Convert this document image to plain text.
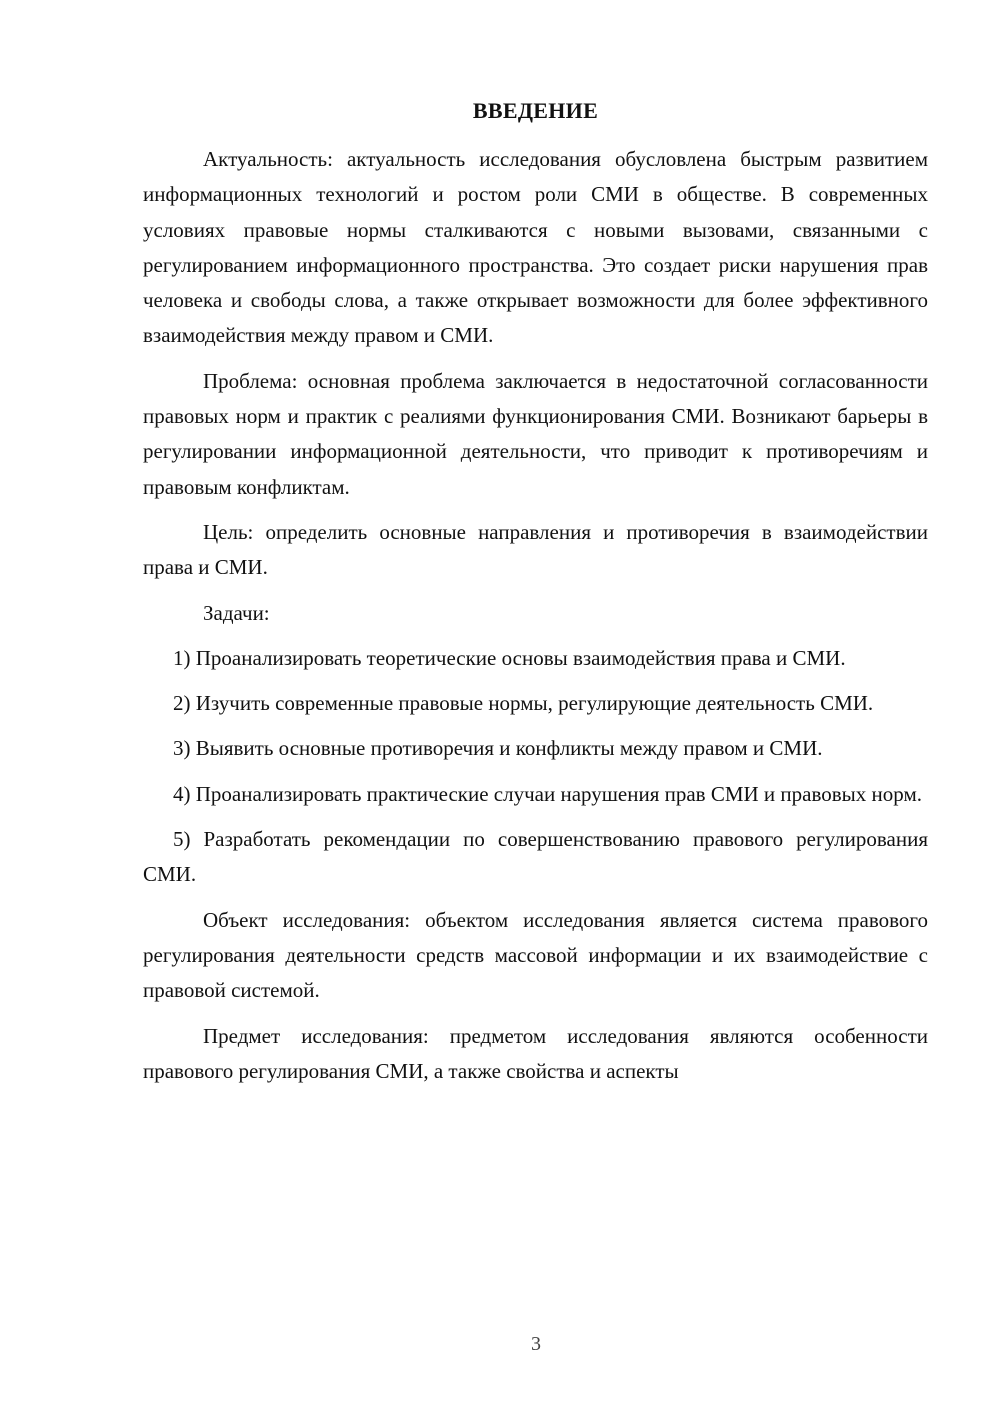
ВВЕДЕНИЕ

Актуальность: актуальность исследования обусловлена быстрым развитием информационных технологий и ростом роли СМИ в обществе. В современных условиях правовые нормы сталкиваются с новыми вызовами, связанными с регулированием информационного пространства. Это создает риски нарушения прав человека и свободы слова, а также открывает возможности для более эффективного взаимодействия между правом и СМИ.

Проблема: основная проблема заключается в недостаточной согласованности правовых норм и практик с реалиями функционирования СМИ. Возникают барьеры в регулировании информационной деятельности, что приводит к противоречиям и правовым конфликтам.

Цель: определить основные направления и противоречия в взаимодействии права и СМИ.

Задачи:

1) Проанализировать теоретические основы взаимодействия права и СМИ.

2) Изучить современные правовые нормы, регулирующие деятельность СМИ.

3) Выявить основные противоречия и конфликты между правом и СМИ.

4) Проанализировать практические случаи нарушения прав СМИ и правовых норм.

5) Разработать рекомендации по совершенствованию правового регулирования СМИ.

Объект исследования: объектом исследования является система правового регулирования деятельности средств массовой информации и их взаимодействие с правовой системой.

Предмет исследования: предметом исследования являются особенности правового регулирования СМИ, а также свойства и аспекты

3
